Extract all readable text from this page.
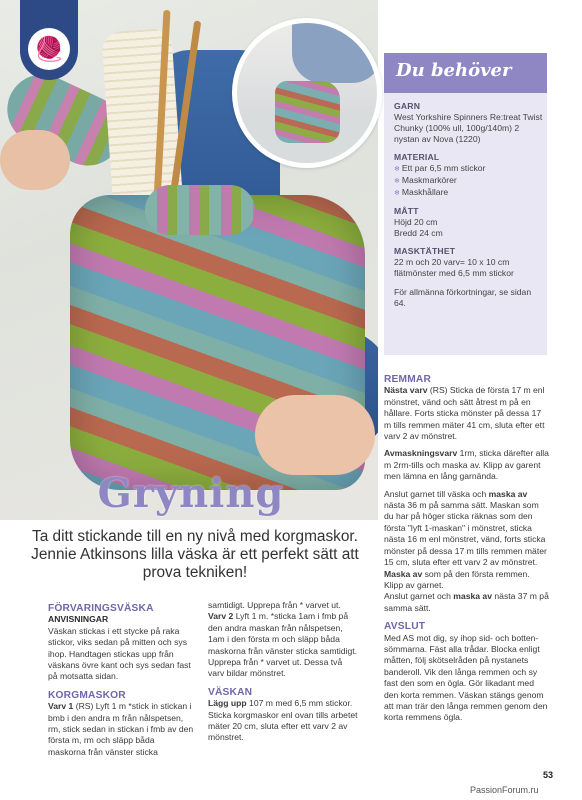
🧶
Du behöver
GARN
West Yorkshire Spinners Re:treat Twist Chunky (100% ull, 100g/140m) 2 nystan av Nova (1220)
MATERIAL
❄ Ett par 6,5 mm stickor
❄ Maskmarkörer
❄ Maskhållare
MÅTT
Höjd 20 cm
Bredd 24 cm
MASKTÄTHET
22 m och 20 varv= 10 x 10 cm flätmönster med 6,5 mm stickor
För allmänna förkortningar, se sidan 64.
Gryning
Ta ditt stickande till en ny nivå med korgmaskor. Jennie Atkinsons lilla väska är ett perfekt sätt att prova tekniken!
FÖRVARINGSVÄSKA
ANVISNINGAR

Väskan stickas i ett stycke på raka stickor, viks sedan på mitten och sys ihop. Handtagen stickas upp från väskans övre kant och sys sedan fast på motsatta sidan.

KORGMASKOR

Varv 1 (RS) Lyft 1 m *stick in stickan i bmb i den andra m från nålspetsen, rm, stick sedan in stickan i fmb av den första m, rm och släpp båda maskorna från vänster sticka

samtidigt. Upprepa från * varvet ut.

Varv 2 Lyft 1 m. *sticka 1am i fmb på den andra maskan från nålspetsen, 1am i den första m och släpp båda maskorna från vänster sticka samtidigt. Upprepa från * varvet ut. Dessa två varv bildar mönstret.

VÄSKAN

Lägg upp 107 m med 6,5 mm stickor.

Sticka korgmaskor enl ovan tills arbetet mäter 20 cm, sluta efter ett varv 2 av mönstret.

REMMAR

Nästa varv (RS) Sticka de första 17 m enl mönstret, vänd och sätt åtrest m på en hållare. Forts sticka mönster på dessa 17 m tills remmen mäter 41 cm, sluta efter ett varv 2 av mönstret.

Avmaskningsvarv 1rm, sticka därefter alla m 2rm-tills och maska av. Klipp av garent men lämna en lång garnända.

Anslut garnet till väska och maska av nästa 36 m på samma sätt. Maskan som du har på höger sticka räknas som den första "lyft 1-maskan" i mönstret, sticka nästa 16 m enl mönstret, vänd, forts sticka mönster på dessa 17 m tills remmen mäter 15 cm, sluta efter ett varv 2 av mönstret.

Maska av som på den första remmen. Klipp av garnet.

Anslut garnet och maska av nästa 37 m på samma sätt.

AVSLUT

Med AS mot dig, sy ihop sid- och botten-sömmarna. Fäst alla trådar. Blocka enligt måtten, följ skötselråden på nystanets banderoll. Vik den långa remmen och sy fast den som en ögla. Gör likadant med den korta remmen. Väskan stängs genom att man trär den långa remmen genom den korta remmens ögla.

53
PassionForum.ru
